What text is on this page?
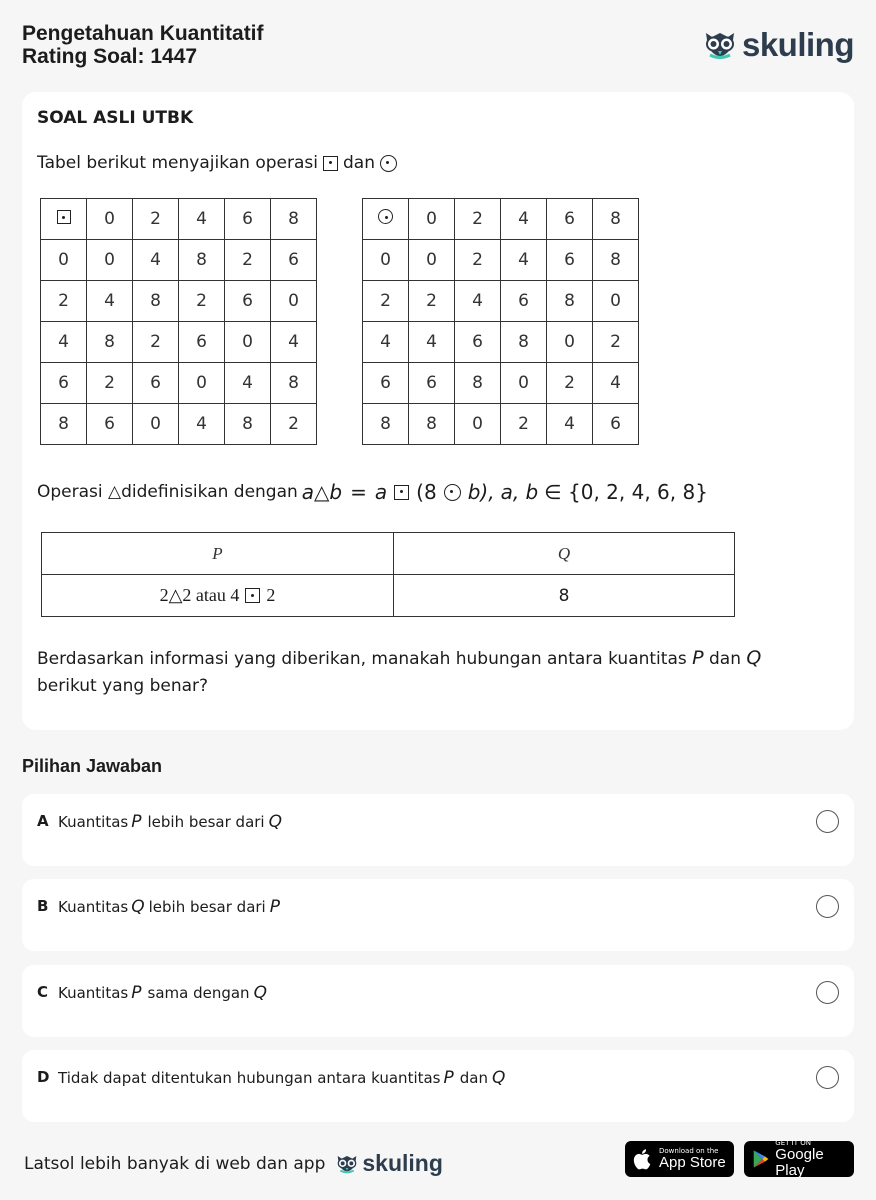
Pengetahuan Kuantitatif
Rating Soal: 1447	skuling
SOAL ASLI UTBK
Tabel berikut menyajikan operasi dan
	0	2	4	6	8
0	0	4	8	2	6
2	4	8	2	6	0
4	8	2	6	0	4
6	2	6	0	4	8
8	6	0	4	8	2
	0	2	4	6	8
0	0	2	4	6	8
2	2	4	6	8	0
4	4	6	8	0	2
6	6	8	0	2	4
8	8	0	2	4	6
Operasi △didefinisikan dengan a△b = a (8 b), a, b ∈ {0, 2, 4, 6, 8}
P	Q

2△2 atau 4 2	8
Berdasarkan informasi yang diberikan, manakah hubungan antara kuantitas P dan Q
berikut yang benar?
Pilihan Jawaban
A Kuantitas P lebih besar dari Q
B Kuantitas Q lebih besar dari P
C Kuantitas P sama dengan Q
D Tidak dapat ditentukan hubungan antara kuantitas P dan Q
Latsol lebih banyak di web dan app skuling	Download on the
App Store
GET IT ON
Google Play
